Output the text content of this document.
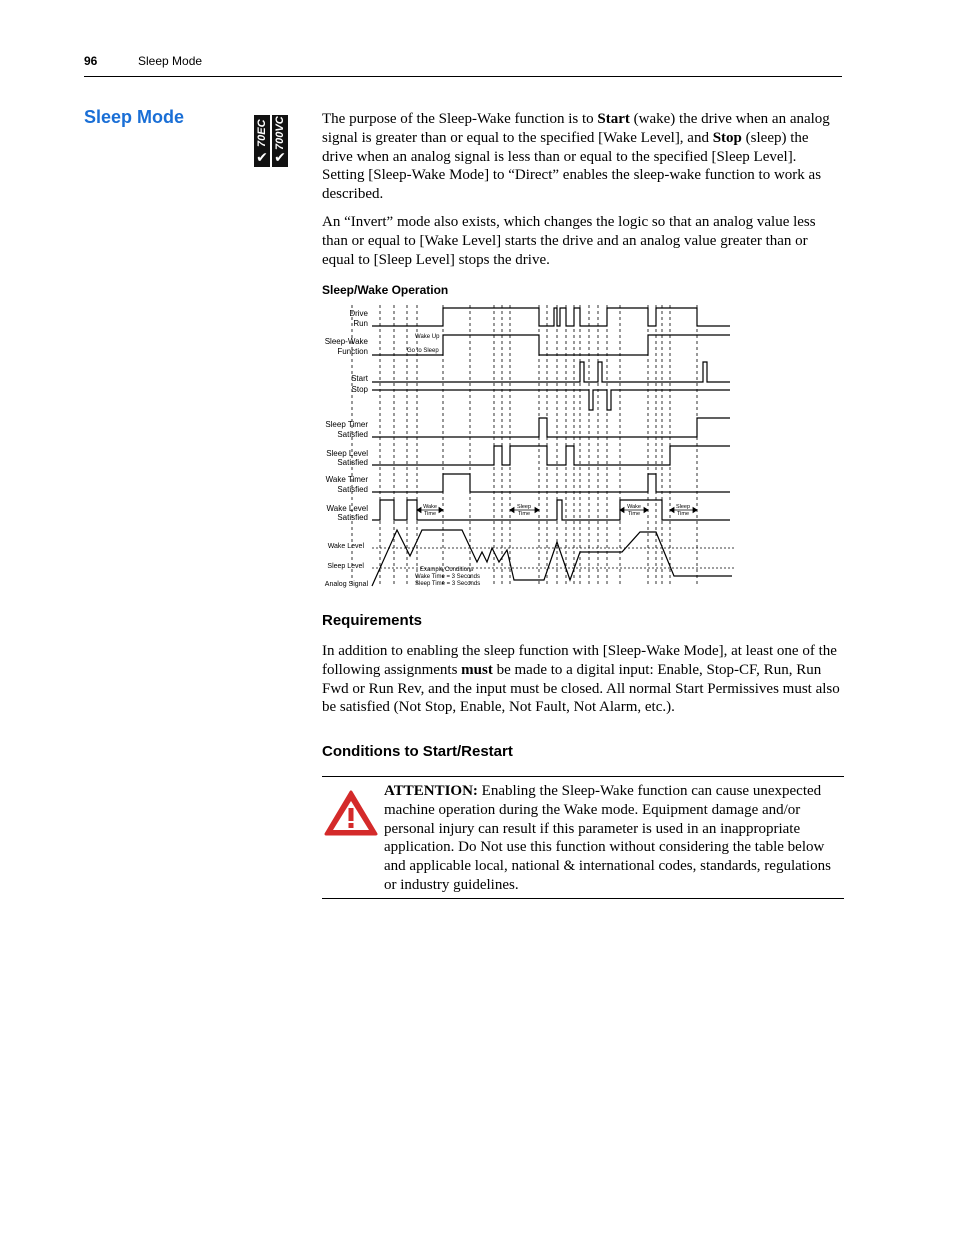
96	Sleep Mode
Sleep Mode
70EC
✔
700VC
✔

The purpose of the Sleep-Wake function is to Start (wake) the drive when an analog signal is greater than or equal to the specified [Wake Level], and Stop (sleep) the drive when an analog signal is less than or equal to the specified [Sleep Level]. Setting [Sleep-Wake Mode] to “Direct” enables the sleep-wake function to work as described.

An “Invert” mode also exists, which changes the logic so that an analog value less than or equal to [Wake Level] starts the drive and an analog value greater than or equal to [Sleep Level] stops the drive.

Sleep/Wake Operation
Drive
Run
Sleep-Wake
Function
Start
Stop
Sleep Timer
Satisfied
Sleep Level
Satisfied
Wake Timer
Satisfied
Wake Level
Satisfied
Wake Level
Sleep Level
Analog Signal
Wake Up
Go to Sleep
Wake
Time
Sleep
Time
Wake
Time
Sleep
Time
Example Conditions
Wake Time = 3 Seconds
Sleep Time = 3 Seconds
Requirements

In addition to enabling the sleep function with [Sleep-Wake Mode], at least one of the following assignments must be made to a digital input: Enable, Stop-CF, Run, Run Fwd or Run Rev, and the input must be closed. All normal Start Permissives must also be satisfied (Not Stop, Enable, Not Fault, Not Alarm, etc.).

Conditions to Start/Restart
ATTENTION: Enabling the Sleep-Wake function can cause unexpected machine operation during the Wake mode. Equipment damage and/or personal injury can result if this parameter is used in an inappropriate application. Do Not use this function without considering the table below and applicable local, national & international codes, standards, regulations or industry guidelines.
